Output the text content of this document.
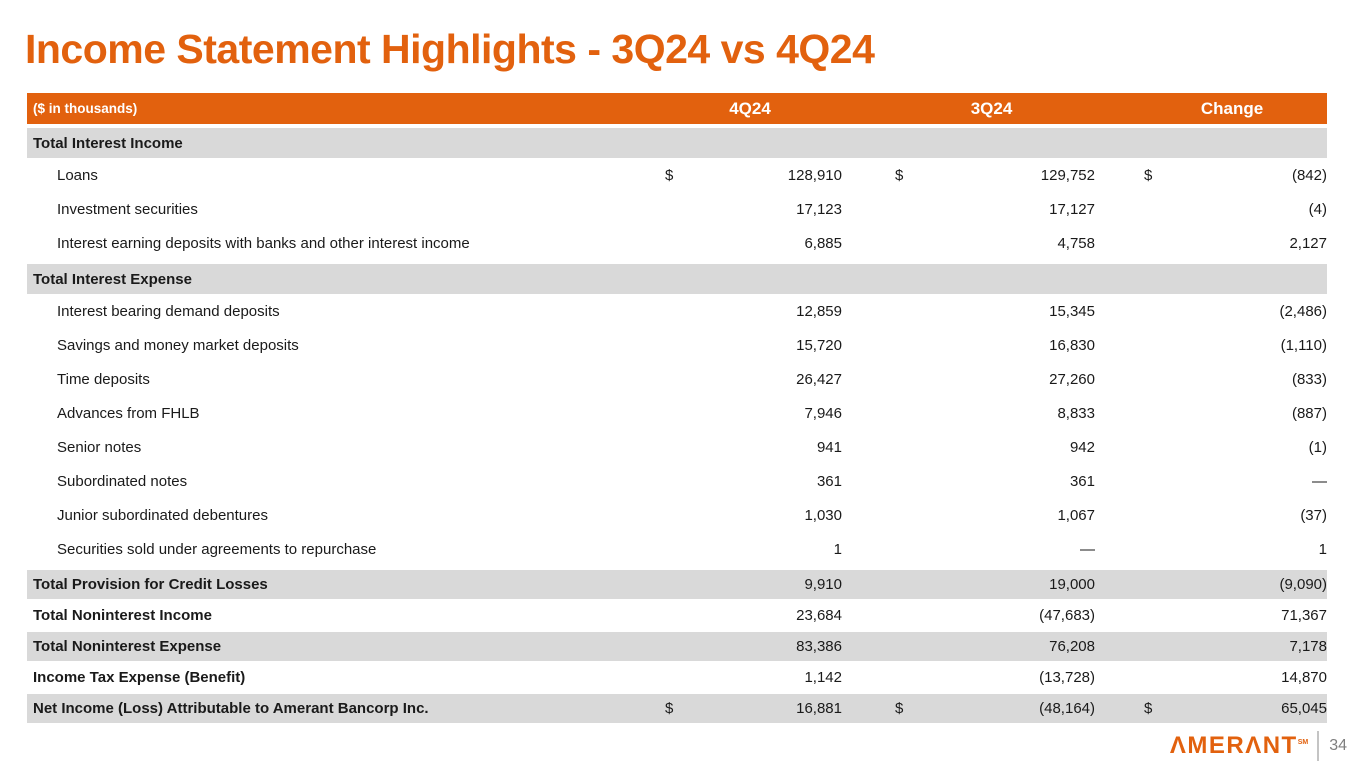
Income Statement Highlights - 3Q24 vs 4Q24
($ in thousands)	4Q24	3Q24	Change
Total Interest Income
Loans	$	128,910	$	129,752	$	(842)
Investment securities	17,123	17,127	(4)
Interest earning deposits with banks and other interest income	6,885	4,758	2,127
Total Interest Expense
Interest bearing demand deposits	12,859	15,345	(2,486)
Savings and money market deposits	15,720	16,830	(1,110)
Time deposits	26,427	27,260	(833)
Advances from FHLB	7,946	8,833	(887)
Senior notes	941	942	(1)
Subordinated notes	361	361	—
Junior subordinated debentures	1,030	1,067	(37)
Securities sold under agreements to repurchase	1	—	1
Total Provision for Credit Losses	9,910	19,000	(9,090)
Total Noninterest Income	23,684	(47,683)	71,367
Total Noninterest Expense	83,386	76,208	7,178
Income Tax Expense (Benefit)	1,142	(13,728)	14,870
Net Income (Loss) Attributable to Amerant Bancorp Inc.	$	16,881	$	(48,164)	$	65,045
ΛMERΛNT℠ 34
